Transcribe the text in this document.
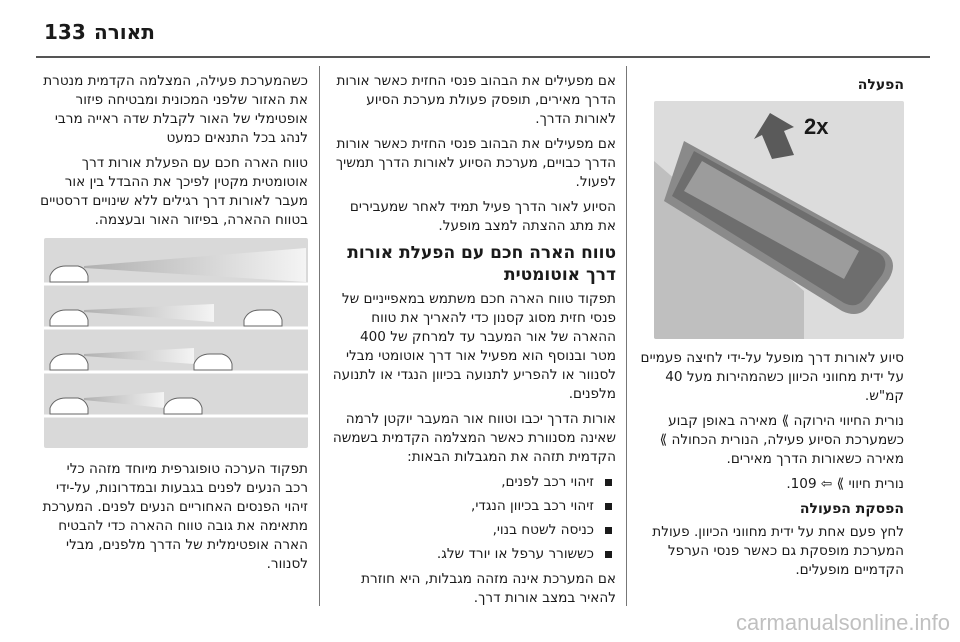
133 תאורה
הפעלה
2x

סיוע לאורות דרך מופעל על-ידי לחיצה פעמיים על ידית מחווני הכיוון כשהמהירות מעל 40 קמ"ש.

נורית החיווי הירוקה ⟫ מאירה באופן קבוע כשמערכת הסיוע פעילה, הנורית הכחולה ⟫ מאירה כשאורות הדרך מאירים.

נורית חיווי ⟫ ⇦ 109.

הפסקת הפעולה

לחץ פעם אחת על ידית מחווני הכיוון. פעולת המערכת מופסקת גם כאשר פנסי הערפל הקדמיים מופעלים.

אם מפעילים את הבהוב פנסי החזית כאשר אורות הדרך מאירים, תופסק פעולת מערכת הסיוע לאורות הדרך.

אם מפעילים את הבהוב פנסי החזית כאשר אורות הדרך כבויים, מערכת הסיוע לאורות הדרך תמשיך לפעול.

הסיוע לאור הדרך פעיל תמיד לאחר שמעבירים את מתג ההצתה למצב מופעל.

טווח הארה חכם עם הפעלת אורות דרך אוטומטית

תפקוד טווח הארה חכם משתמש במאפייניים של פנסי חזית מסוג קסנון כדי להאריך את טווח ההארה של אור המעבר עד למרחק של 400 מטר ובנוסף הוא מפעיל אור דרך אוטומטי מבלי לסנוור או להפריע לתנועה בכיוון הנגדי או לתנועה מלפנים.

אורות הדרך יכבו וטווח אור המעבר יוקטן לרמה שאינה מסנוורת כאשר המצלמה הקדמית בשמשה הקדמית תזהה את המגבלות הבאות:

זיהוי רכב לפנים,
זיהוי רכב בכיוון הנגדי,
כניסה לשטח בנוי,
כששורר ערפל או יורד שלג.

אם המערכת אינה מזהה מגבלות, היא חוזרת להאיר במצב אורות דרך.

כשהמערכת פעילה, המצלמה הקדמית מנטרת את האזור שלפני המכונית ומבטיחה פיזור אופטימלי של האור לקבלת שדה ראייה מרבי לנהג בכל התנאים כמעט

טווח הארה חכם עם הפעלת אורות דרך אוטומטית מקטין לפיכך את ההבדל בין אור מעבר לאורות דרך רגילים ללא שינויים דרסטיים בטווח ההארה, בפיזור האור ובעצמה.

תפקוד הערכה טופוגרפית מיוחד מזהה כלי רכב הנעים לפנים בגבעות ובמדרונות, על-ידי זיהוי הפנסים האחוריים הנעים לפנים. המערכת מתאימה את גובה טווח ההארה כדי להבטיח הארה אופטימלית של הדרך מלפנים, מבלי לסנוור.

carmanualsonline.info
